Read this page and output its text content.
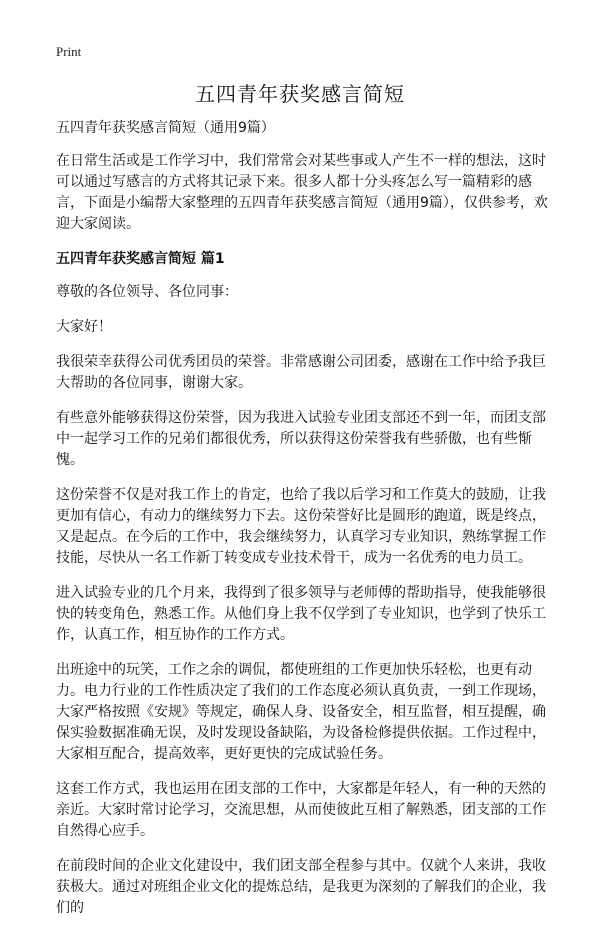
Print
五四青年获奖感言简短

五四青年获奖感言简短（通用9篇）

在日常生活或是工作学习中，我们常常会对某些事或人产生不一样的想法，这时可以通过写感言的方式将其记录下来。很多人都十分头疼怎么写一篇精彩的感言，下面是小编帮大家整理的五四青年获奖感言简短（通用9篇），仅供参考，欢迎大家阅读。

五四青年获奖感言简短 篇1

尊敬的各位领导、各位同事：

大家好！

我很荣幸获得公司优秀团员的荣誉。非常感谢公司团委，感谢在工作中给予我巨大帮助的各位同事，谢谢大家。

有些意外能够获得这份荣誉，因为我进入试验专业团支部还不到一年，而团支部中一起学习工作的兄弟们都很优秀，所以获得这份荣誉我有些骄傲，也有些惭愧。

这份荣誉不仅是对我工作上的肯定，也给了我以后学习和工作莫大的鼓励，让我更加有信心，有动力的继续努力下去。这份荣誉好比是圆形的跑道，既是终点，又是起点。在今后的工作中，我会继续努力，认真学习专业知识，熟练掌握工作技能，尽快从一名工作新丁转变成专业技术骨干，成为一名优秀的电力员工。

进入试验专业的几个月来，我得到了很多领导与老师傅的帮助指导，使我能够很快的转变角色，熟悉工作。从他们身上我不仅学到了专业知识，也学到了快乐工作，认真工作，相互协作的工作方式。

出班途中的玩笑，工作之余的调侃，都使班组的工作更加快乐轻松，也更有动力。电力行业的工作性质决定了我们的工作态度必须认真负责，一到工作现场，大家严格按照《安规》等规定，确保人身、设备安全，相互监督，相互提醒，确保实验数据准确无误，及时发现设备缺陷，为设备检修提供依据。工作过程中，大家相互配合，提高效率，更好更快的完成试验任务。

这套工作方式，我也运用在团支部的工作中，大家都是年轻人，有一种的天然的亲近。大家时常讨论学习，交流思想，从而使彼此互相了解熟悉，团支部的工作自然得心应手。

在前段时间的企业文化建设中，我们团支部全程参与其中。仅就个人来讲，我收获极大。通过对班组企业文化的提炼总结，是我更为深刻的了解我们的企业，我们的
